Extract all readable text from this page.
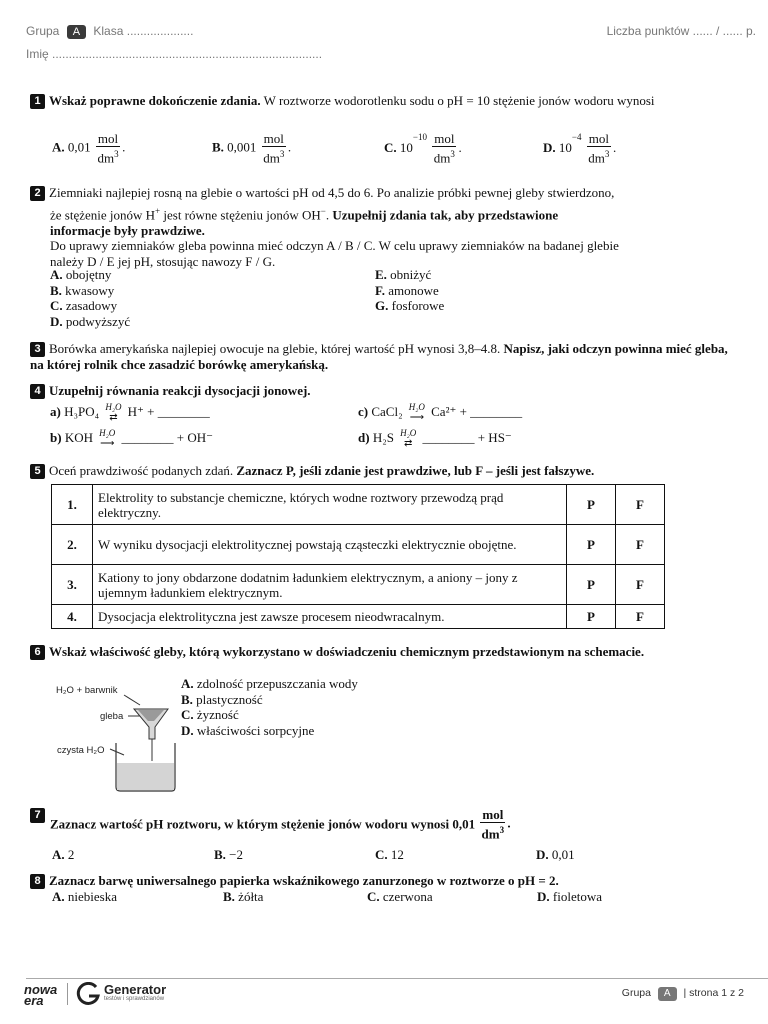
Grupa A Klasa ....................	Liczba punktów ...... / ...... p.
Imię .................................................................................
1 Wskaż poprawne dokończenie zdania. W roztworze wodorotlenku sodu o pH = 10 stężenie jonów wodoru wynosi
A. $0,01 \frac{\text{mol}}{dm^3}$ .	B. $0,001 \frac{\text{mol}}{dm^3}$ .	C. $10^{-10} \frac{\text{mol}}{dm^3}$ .	D. $10^{-4} \frac{\text{mol}}{dm^3}$ .
2 Ziemniaki najlepiej rosną na glebie o wartości pH od 4,5 do 6. Po analizie próbki pewnej gleby stwierdzono,
że stężenie jonów H+ jest równe stężeniu jonów OH−. Uzupełnij zdania tak, aby przedstawione
informacje były prawdziwe.
Do uprawy ziemniaków gleba powinna mieć odczyn A / B / C. W celu uprawy ziemniaków na badanej glebie
należy D / E jej pH, stosując nawozy F / G.
A. obojętny
B. kwasowy
C. zasadowy
D. podwyższyć
E. obniżyć
F. amonowe
G. fosforowe
3 Borówka amerykańska najlepiej owocuje na glebie, której wartość pH wynosi 3,8–4.8. Napisz, jaki odczyn powinna mieć gleba, na której rolnik chce zasadzić borówkę amerykańską.
4 Uzupełnij równania reakcji dysocjacji jonowej.
a) H₃PO₄ H₂O
⇄ H⁺ + ________	c) CaCl₂ H₂O
⟶ Ca²⁺ + ________
b) KOH H₂O
⟶ ________ + OH⁻	d) H₂S H₂O
⇄ ________ + HS⁻
5 Oceń prawdziwość podanych zdań. Zaznacz P, jeśli zdanie jest prawdziwe, lub F – jeśli jest fałszywe.
1.	Elektrolity to substancje chemiczne, których wodne roztwory przewodzą prąd elektryczny.	P	F
2.	W wyniku dysocjacji elektrolitycznej powstają cząsteczki elektrycznie obojętne.	P	F
3.	Kationy to jony obdarzone dodatnim ładunkiem elektrycznym, a aniony – jony z ujemnym ładunkiem elektrycznym.	P	F
4.	Dysocjacja elektrolityczna jest zawsze procesem nieodwracalnym.	P	F
6 Wskaż właściwość gleby, którą wykorzystano w doświadczeniu chemicznym przedstawionym na schemacie.
H₂O + barwnik
gleba
czysta H₂O
A. zdolność przepuszczania wody
B. plastyczność
C. żyzność
D. właściwości sorpcyjne
7
Zaznacz wartość pH roztworu, w którym stężenie jonów wodoru wynosi $0,01 \frac{\text{mol}}{dm^3}$ .
A. 2	B. −2	C. 12	D. 0,01
8 Zaznacz barwę uniwersalnego papierka wskaźnikowego zanurzonego w roztworze o pH = 2.
A. niebieska	B. żółta	C. czerwona	D. fioletowa
nowa era
Generator
testów i sprawdzianów	Grupa A | strona 1 z 2
